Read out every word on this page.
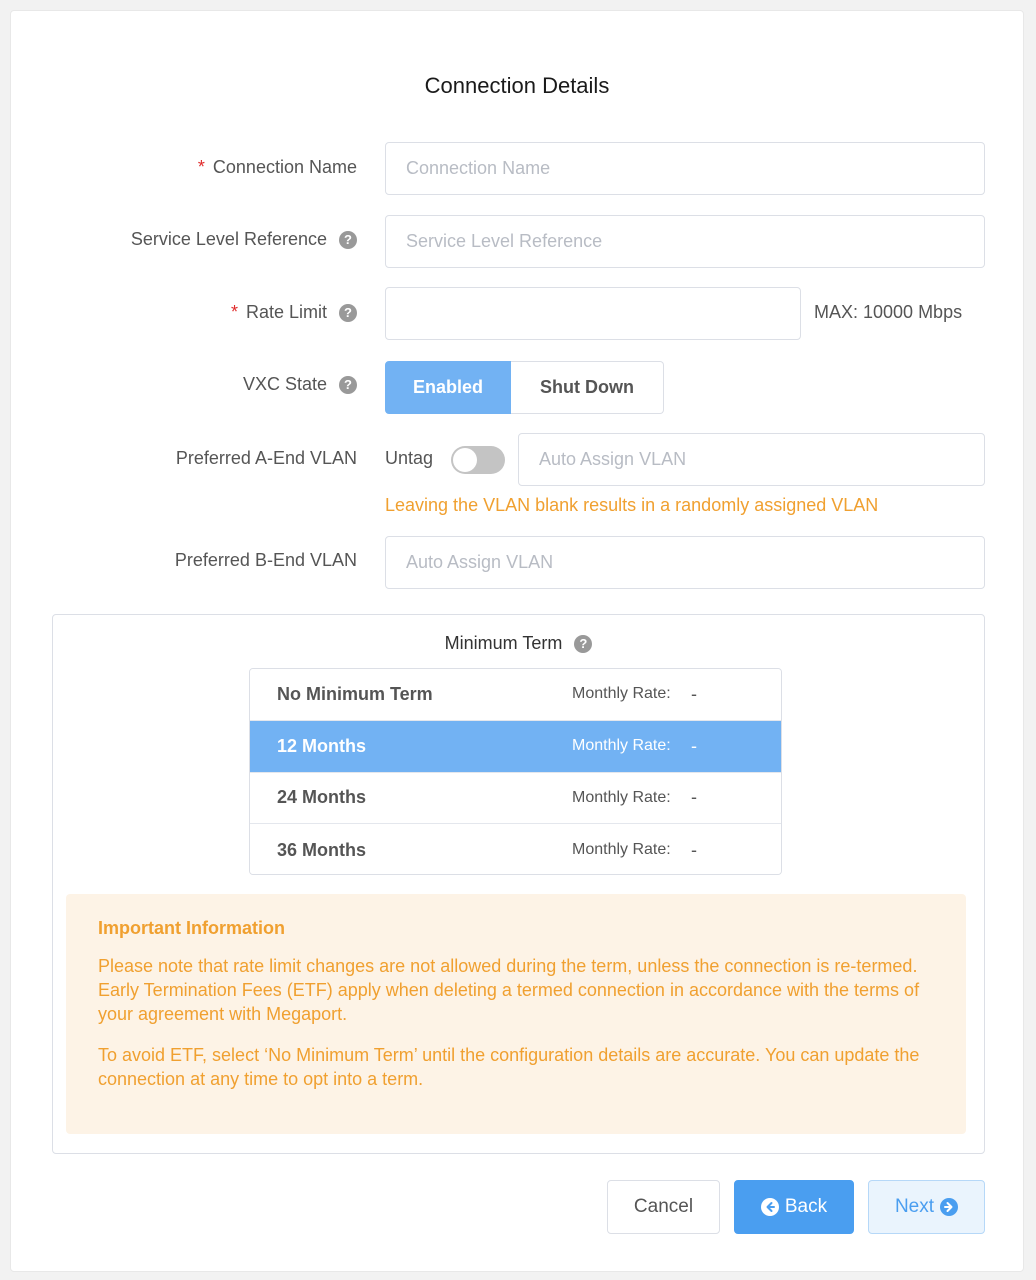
Connection Details
* Connection Name
Connection Name
Service Level Reference	?
Service Level Reference
* Rate Limit	?	MAX: 10000 Mbps
VXC State	?	Enabled	Shut Down
Preferred A-End VLAN Untag
Auto Assign VLAN
Leaving the VLAN blank results in a randomly assigned VLAN
Preferred B-End VLAN
Auto Assign VLAN
Minimum Term	?
No Minimum Term	Monthly Rate: -
12 Months	Monthly Rate: -
24 Months	Monthly Rate: -
36 Months	Monthly Rate: -
Important Information

Please note that rate limit changes are not allowed during the term, unless the connection is re-termed. Early Termination Fees (ETF) apply when deleting a termed connection in accordance with the terms of your agreement with Megaport.

To avoid ETF, select ‘No Minimum Term’ until the configuration details are accurate. You can update the connection at any time to opt into a term.

Cancel	Back	Next
